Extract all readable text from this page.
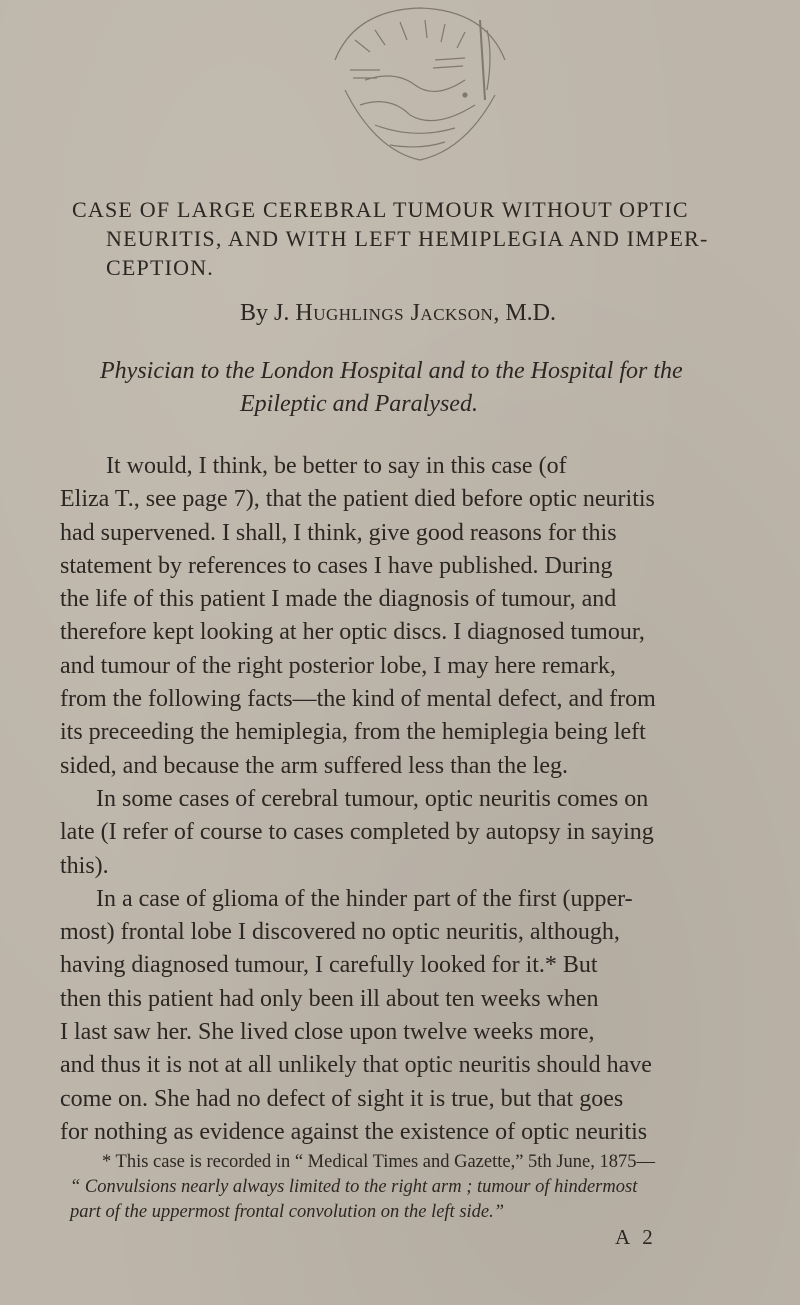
CASE OF LARGE CEREBRAL TUMOUR WITHOUT OPTIC
NEURITIS, AND WITH LEFT HEMIPLEGIA AND IMPER-
CEPTION.

By J. Hughlings Jackson, M.D.

Physician to the London Hospital and to the Hospital for the
Epileptic and Paralysed.

It would, I think, be better to say in this case (of
Eliza T., see page 7), that the patient died before optic neuritis
had supervened. I shall, I think, give good reasons for this
statement by references to cases I have published. During
the life of this patient I made the diagnosis of tumour, and
therefore kept looking at her optic discs. I diagnosed tumour,
and tumour of the right posterior lobe, I may here remark,
from the following facts—the kind of mental defect, and from
its preceeding the hemiplegia, from the hemiplegia being left
sided, and because the arm suffered less than the leg.

In some cases of cerebral tumour, optic neuritis comes on
late (I refer of course to cases completed by autopsy in saying
this).

In a case of glioma of the hinder part of the first (upper-
most) frontal lobe I discovered no optic neuritis, although,
having diagnosed tumour, I carefully looked for it.* But
then this patient had only been ill about ten weeks when
I last saw her. She lived close upon twelve weeks more,
and thus it is not at all unlikely that optic neuritis should have
come on. She had no defect of sight it is true, but that goes
for nothing as evidence against the existence of optic neuritis

* This case is recorded in “ Medical Times and Gazette,” 5th June, 1875—
“ Convulsions nearly always limited to the right arm ; tumour of hindermost
part of the uppermost frontal convolution on the left side.”
A 2
